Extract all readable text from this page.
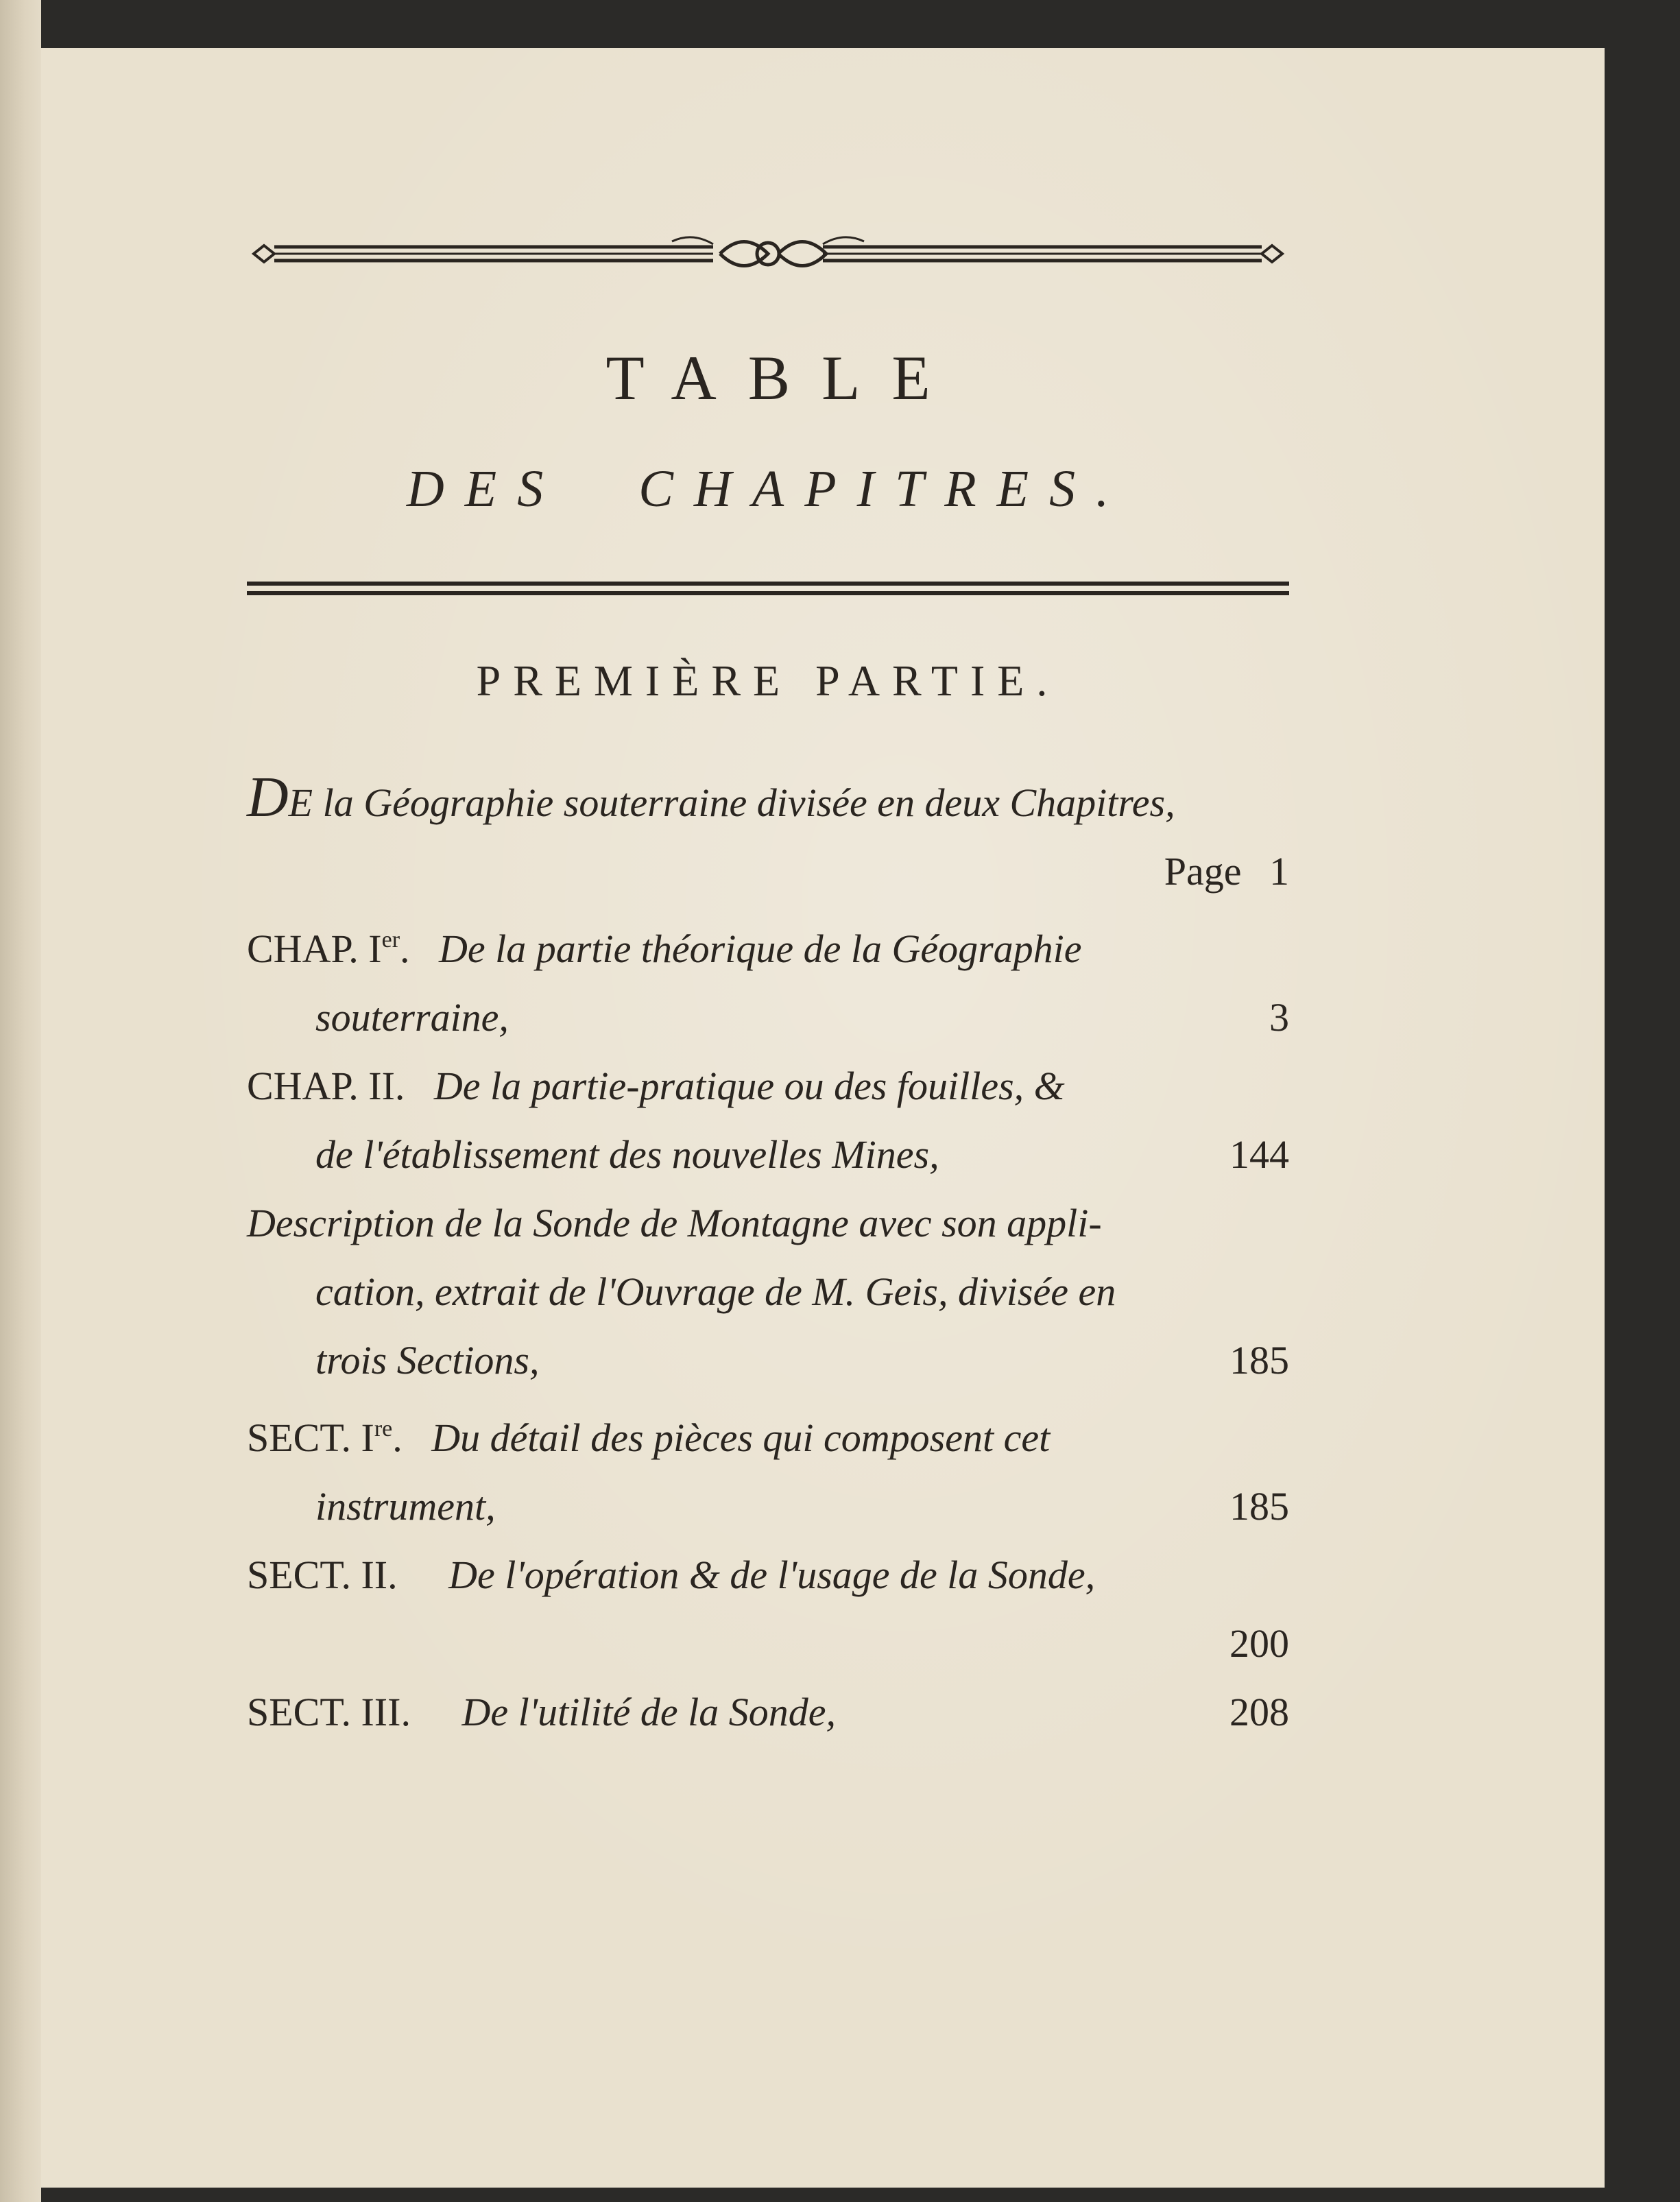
TABLE
DES CHAPITRES.
PREMIÈRE PARTIE.
DE la Géographie souterraine divisée en deux Chapitres,
Page 1
CHAP. Ier. De la partie théorique de la Géographie
souterraine,	3
CHAP. II. De la partie-pratique ou des fouilles, &
de l'établissement des nouvelles Mines,	144
Description de la Sonde de Montagne avec son appli-
cation, extrait de l'Ouvrage de M. Geis, divisée en
trois Sections,	185
SECT. Ire. Du détail des pièces qui composent cet
instrument,	185
SECT. II. De l'opération & de l'usage de la Sonde,
200
SECT. III. De l'utilité de la Sonde,	208
